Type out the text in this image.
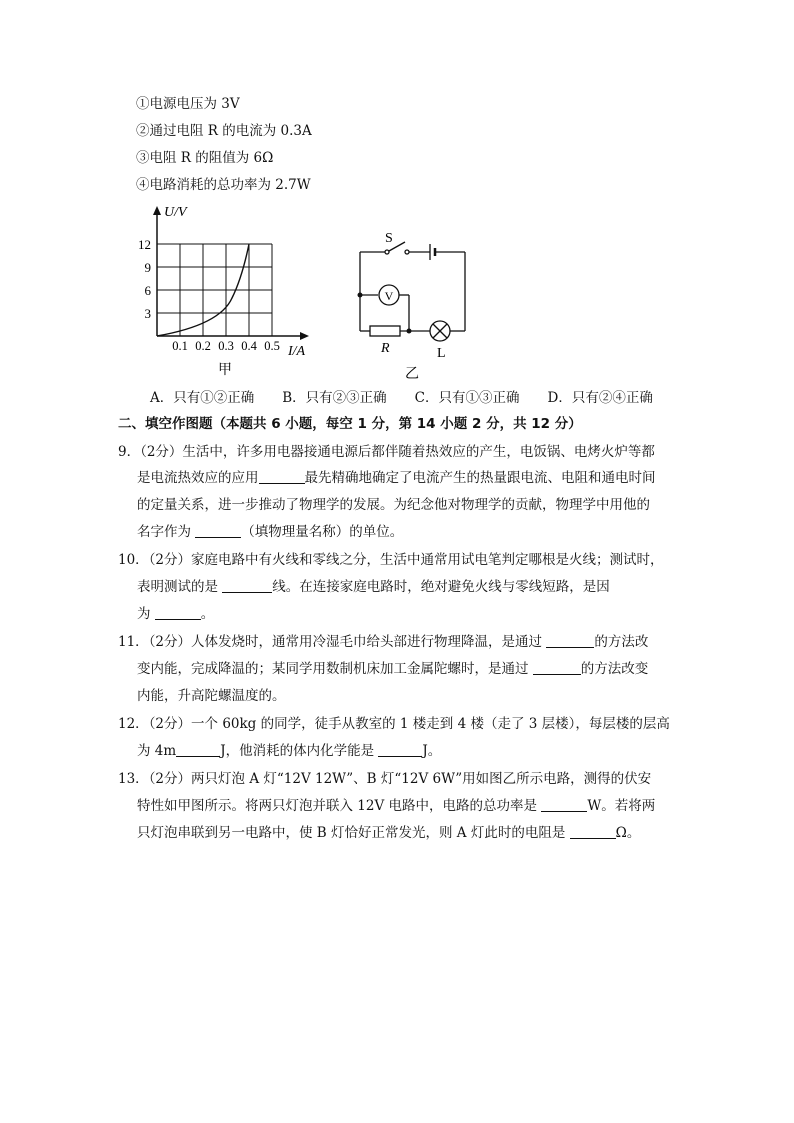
①电源电压为 3V
②通过电阻 R 的电流为 0.3A
③电阻 R 的阻值为 6Ω
④电路消耗的总功率为 2.7W
U/V
12
9
6
3
0.1 0.2 0.3 0.4 0.5 I/A
甲
S
V
R	L
乙
A．只有①②正确 B．只有②③正确 C．只有①③正确 D．只有②④正确
二、填空作图题（本题共 6 小题，每空 1 分，第 14 小题 2 分，共 12 分）
9．（2分）生活中，许多用电器接通电源后都伴随着热效应的产生，电饭锅、电烤火炉等都
是电流热效应的应用	最先精确地确定了电流产生的热量跟电流、电阻和通电时间
的定量关系，进一步推动了物理学的发展。为纪念他对物理学的贡献，物理学中用他的
名字作为	（填物理量名称）的单位。
10．（2分）家庭电路中有火线和零线之分，生活中通常用试电笔判定哪根是火线；测试时，
表明测试的是	线。在连接家庭电路时，绝对避免火线与零线短路，是因
为	。
11．（2分）人体发烧时，通常用冷湿毛巾给头部进行物理降温，是通过	的方法改
变内能，完成降温的；某同学用数制机床加工金属陀螺时，是通过	的方法改变
内能，升高陀螺温度的。
12．（2分）一个 60kg 的同学，徒手从教室的 1 楼走到 4 楼（走了 3 层楼），每层楼的层高
为 4m	J，他消耗的体内化学能是	J。
13．（2分）两只灯泡 A 灯“12V 12W”、B 灯“12V 6W”用如图乙所示电路，测得的伏安
特性如甲图所示。将两只灯泡并联入 12V 电路中，电路的总功率是	W。若将两
只灯泡串联到另一电路中，使 B 灯恰好正常发光，则 A 灯此时的电阻是	Ω。
